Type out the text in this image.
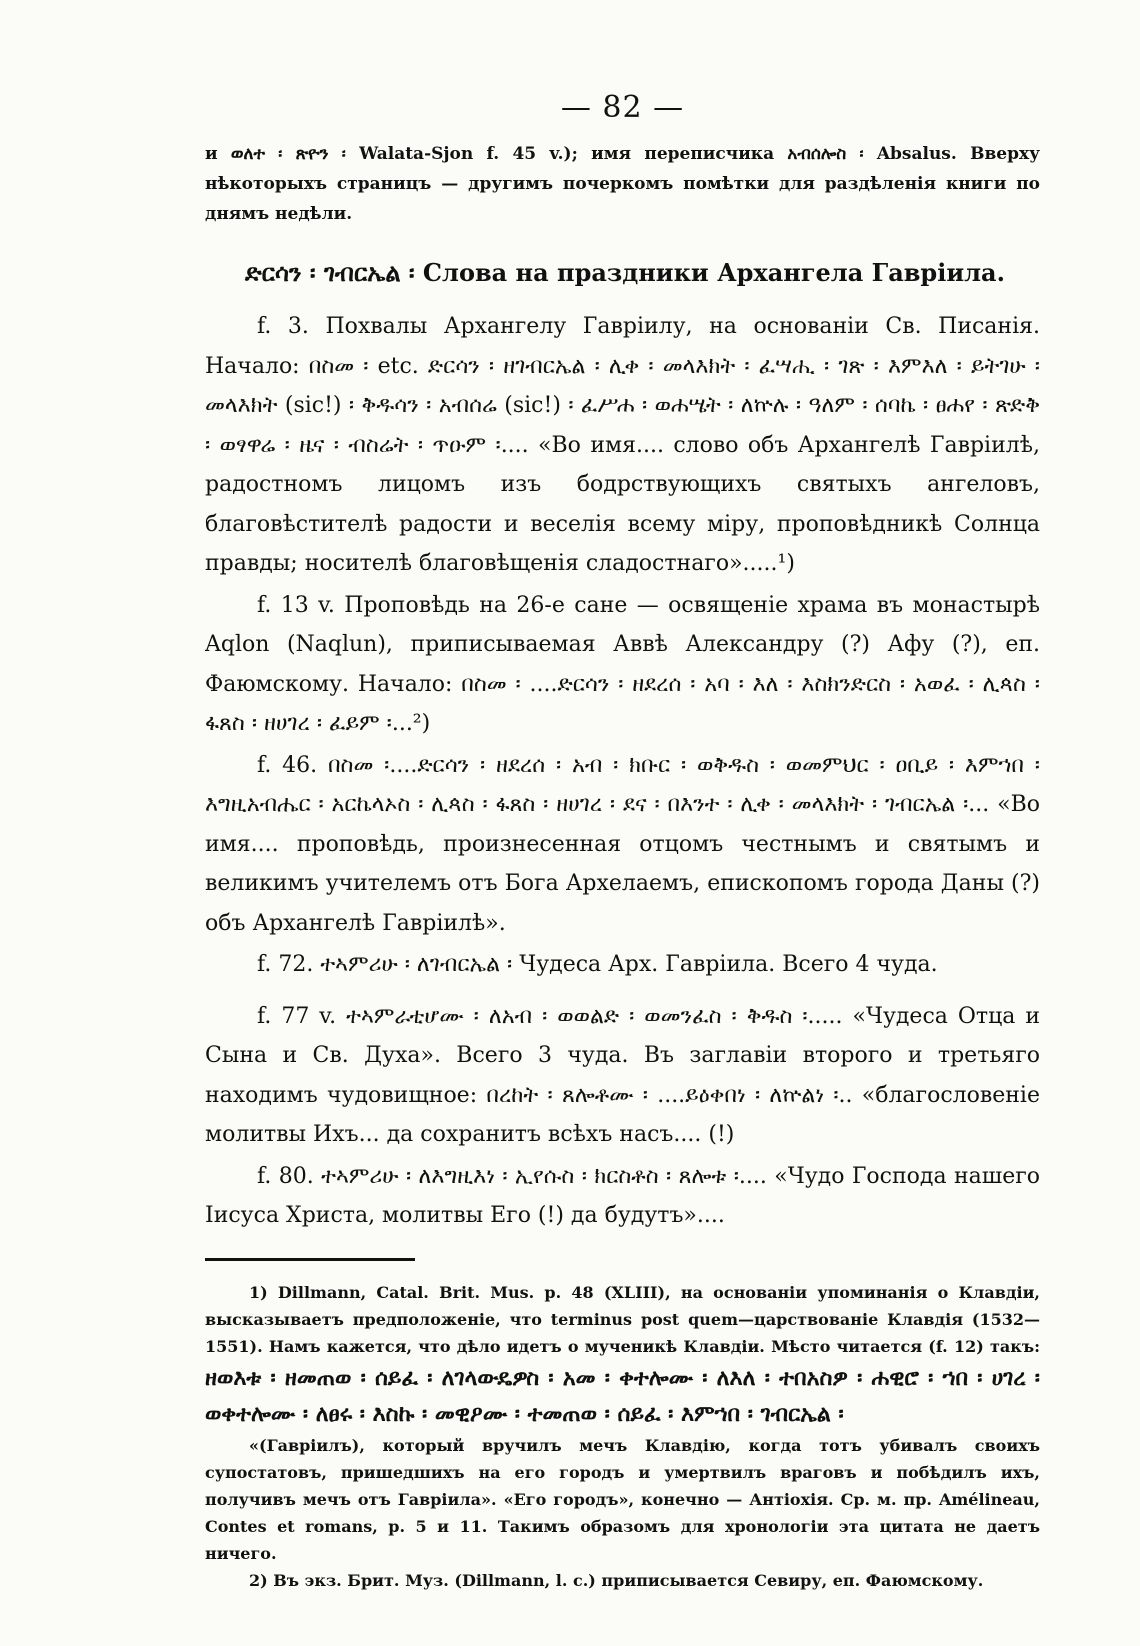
— 82 —

и ወለተ ፡ ጽዮን ፡ Walata-Sjon f. 45 v.); имя переписчика አብሰሎስ ፡ Absalus. Вверху нѣкоторыхъ страницъ — другимъ почеркомъ помѣтки для раздѣленія книги по днямъ недѣли.

ድርሳን ፡ ገብርኤል ፡ Слова на праздники Архангела Гавріила.

f. 3. Похвалы Архангелу Гавріилу, на основаніи Св. Писанія. Начало: በስመ ፡ etc. ድርሳን ፡ ዘገብርኤል ፡ ሊቀ ፡ መላእክት ፡ ፈሣሒ ፡ ገጽ ፡ እምእለ ፡ ይትገሁ ፡ መላእክት (sic!) ፡ ቅዱሳን ፡ አብሰሬ (sic!) ፡ ፈሥሐ ፡ ወሐሤት ፡ ለኵሉ ፡ ዓለም ፡ ሰባኬ ፡ ፀሐየ ፡ ጽድቅ ፡ ወፃዋሬ ፡ ዜና ፡ ብስሬት ፡ ጥዑም ፡.... «Во имя.... слово объ Архангелѣ Гавріилѣ, радостномъ лицомъ изъ бодрствующихъ святыхъ ангеловъ, благовѣстителѣ радости и веселія всему міру, проповѣдникѣ Солнца правды; носителѣ благовѣщенія сладостнаго».....¹)

f. 13 v. Проповѣдь на 26-е сане — освященіе храма въ монастырѣ Aqlon (Naqlun), приписываемая Аввѣ Александру (?) Афу (?), еп. Фаюмскому. Начало: በስመ ፡ ....ድርሳን ፡ ዘደረሰ ፡ አባ ፡ እለ ፡ እስክንድርስ ፡ አወፈ ፡ ሊጳስ ፡ ፋጸስ ፡ ዘሀገረ ፡ ፈይም ፡...²)

f. 46. በስመ ፡....ድርሳን ፡ ዘደረሰ ፡ አብ ፡ ክቡር ፡ ወቅዱስ ፡ ወመምህር ፡ ዐቢይ ፡ እምኀበ ፡ እግዚአብሔር ፡ አርኬላኦስ ፡ ሊጳስ ፡ ፋጸስ ፡ ዘሀገረ ፡ ደና ፡ በእንተ ፡ ሊቀ ፡ መላእክት ፡ ገብርኤል ፡... «Во имя.... проповѣдь, произнесенная отцомъ честнымъ и святымъ и великимъ учителемъ отъ Бога Архелаемъ, епископомъ города Даны (?) объ Архангелѣ Гавріилѣ».

f. 72. ተኣምሪሁ ፡ ለገብርኤል ፡ Чудеса Арх. Гавріила. Всего 4 чуда.

f. 77 v. ተኣምራቲሆሙ ፡ ለአብ ፡ ወወልድ ፡ ወመንፈስ ፡ ቅዱስ ፡..... «Чудеса Отца и Сына и Св. Духа». Всего 3 чуда. Въ заглавіи второго и третьяго находимъ чудовищное: በረከት ፡ ጸሎቶሙ ፡ ....ይዕቀበነ ፡ ለኵልነ ፡.. «благословеніе молитвы Ихъ... да сохранитъ всѣхъ насъ.... (!)

f. 80. ተኣምሪሁ ፡ ለእግዚእነ ፡ ኢየሱስ ፡ ክርስቶስ ፡ ጸሎቱ ፡.... «Чудо Господа нашего Іисуса Христа, молитвы Его (!) да будутъ»....

1) Dillmann, Catal. Brit. Mus. p. 48 (XLIII), на основаніи упоминанія о Клавдіи, высказываетъ предположеніе, что terminus post quem—царствованіе Клавдія (1532—1551). Намъ кажется, что дѣло идетъ о мученикѣ Клавдіи. Мѣсто читается (f. 12) такъ: ዘወእቱ ፡ ዘመጠወ ፡ ሰይፈ ፡ ለገላውዴዎስ ፡ አመ ፡ ቀተሎሙ ፡ ለእለ ፡ ተበአስዎ ፡ ሐዊሮ ፡ ኀበ ፡ ሀገረ ፡ ወቀተሎሙ ፡ ለፀሩ ፡ እስኩ ፡ መዊዖሙ ፡ ተመጠወ ፡ ሰይፈ ፡ እምኀበ ፡ ገብርኤል ፡

«(Гавріилъ), который вручилъ мечъ Клавдію, когда тотъ убивалъ своихъ супостатовъ, пришедшихъ на его городъ и умертвилъ враговъ и побѣдилъ ихъ, получивъ мечъ отъ Гавріила». «Его городъ», конечно — Антіохія. Ср. м. пр. Amélineau, Contes et romans, p. 5 и 11. Такимъ образомъ для хронологіи эта цитата не даетъ ничего.

2) Въ экз. Брит. Муз. (Dillmann, l. c.) приписывается Севиру, еп. Фаюмскому.
